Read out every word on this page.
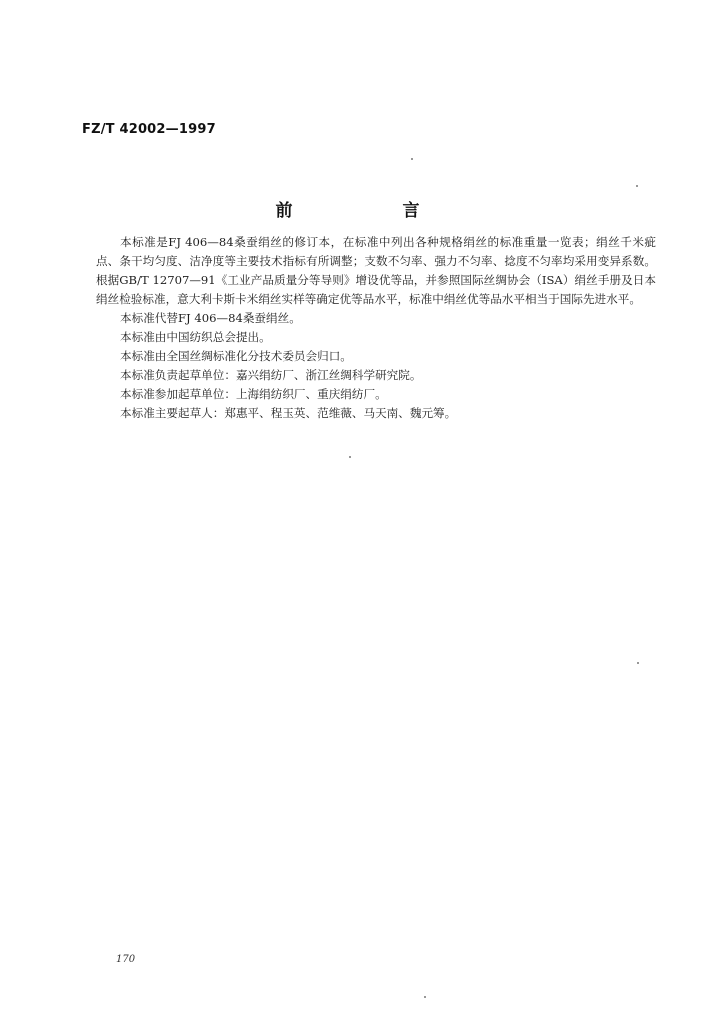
FZ/T 42002—1997
前 言

本标准是FJ 406—84桑蚕绢丝的修订本，在标准中列出各种规格绢丝的标准重量一览表；绢丝千米疵点、条干均匀度、洁净度等主要技术指标有所调整；支数不匀率、强力不匀率、捻度不匀率均采用变异系数。根据GB/T 12707—91《工业产品质量分等导则》增设优等品，并参照国际丝绸协会（ISA）绢丝手册及日本绢丝检验标准，意大利卡斯卡米绢丝实样等确定优等品水平，标准中绢丝优等品水平相当于国际先进水平。

本标准代替FJ 406—84桑蚕绢丝。

本标准由中国纺织总会提出。

本标准由全国丝绸标准化分技术委员会归口。

本标准负责起草单位：嘉兴绢纺厂、浙江丝绸科学研究院。

本标准参加起草单位：上海绢纺织厂、重庆绢纺厂。

本标准主要起草人：郑惠平、程玉英、范维薇、马天南、魏元筹。

170
